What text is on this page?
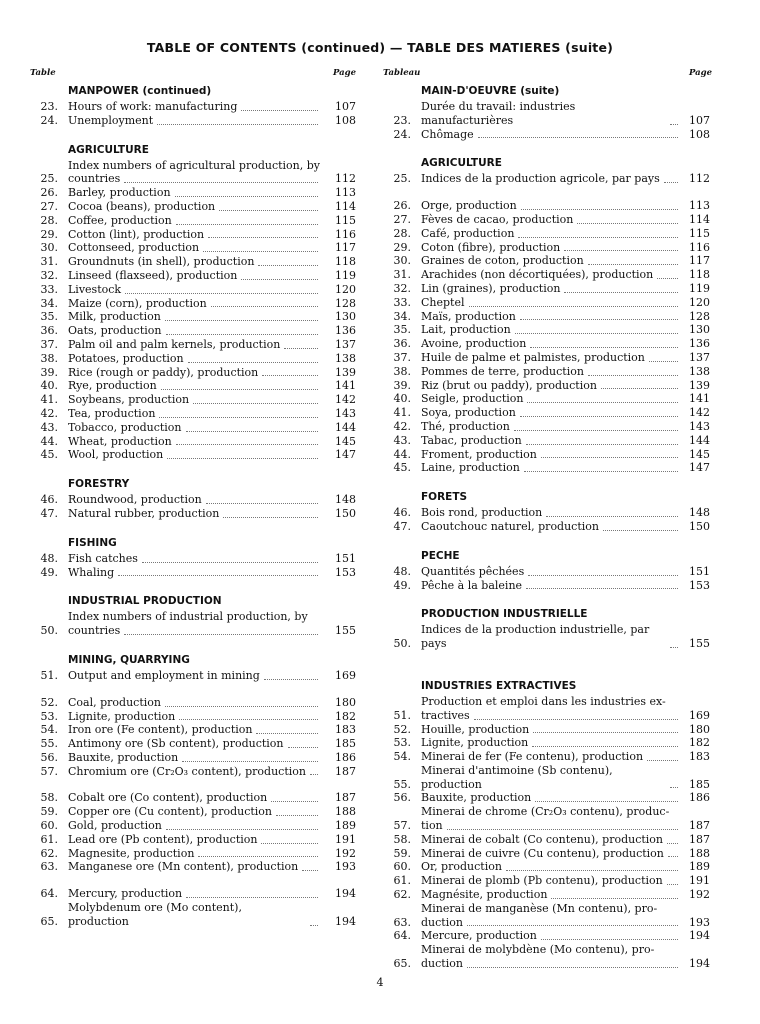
TABLE OF CONTENTS (continued) — TABLE DES MATIERES (suite)
Table	Page
MANPOWER (continued)
23. Hours of work: manufacturing	107
24. Unemployment	108
AGRICULTURE
25.
Index numbers of agricultural production, by
countries	112
26. Barley, production	113
27. Cocoa (beans), production	114
28. Coffee, production	115
29. Cotton (lint), production	116
30. Cottonseed, production	117
31. Groundnuts (in shell), production	118
32. Linseed (flaxseed), production	119
33. Livestock	120
34. Maize (corn), production	128
35. Milk, production	130
36. Oats, production	136
37. Palm oil and palm kernels, production	137
38. Potatoes, production	138
39. Rice (rough or paddy), production	139
40. Rye, production	141
41. Soybeans, production	142
42. Tea, production	143
43. Tobacco, production	144
44. Wheat, production	145
45. Wool, production	147
FORESTRY
46. Roundwood, production	148
47. Natural rubber, production	150
FISHING
48. Fish catches	151
49. Whaling	153
INDUSTRIAL PRODUCTION
50.
Index numbers of industrial production, by
countries	155
MINING, QUARRYING
51. Output and employment in mining	169
52. Coal, production	180
53. Lignite, production	182
54. Iron ore (Fe content), production	183
55. Antimony ore (Sb content), production	185
56. Bauxite, production	186
57. Chromium ore (Cr₂O₃ content), production	187
58. Cobalt ore (Co content), production	187
59. Copper ore (Cu content), production	188
60. Gold, production	189
61. Lead ore (Pb content), production	191
62. Magnesite, production	192
63. Manganese ore (Mn content), production	193
64. Mercury, production	194
65.
Molybdenum ore (Mo content), production	194
Tableau	Page
MAIN-D'OEUVRE (suite)
23.
Durée du travail: industries manufacturières	107
24. Chômage	108
AGRICULTURE
25. Indices de la production agricole, par pays	112
26. Orge, production	113
27. Fèves de cacao, production	114
28. Café, production	115
29. Coton (fibre), production	116
30. Graines de coton, production	117
31. Arachides (non décortiquées), production	118
32. Lin (graines), production	119
33. Cheptel	120
34. Maïs, production	128
35. Lait, production	130
36. Avoine, production	136
37. Huile de palme et palmistes, production	137
38. Pommes de terre, production	138
39. Riz (brut ou paddy), production	139
40. Seigle, production	141
41. Soya, production	142
42. Thé, production	143
43. Tabac, production	144
44. Froment, production	145
45. Laine, production	147
FORETS
46. Bois rond, production	148
47. Caoutchouc naturel, production	150
PECHE
48. Quantités pêchées	151
49. Pêche à la baleine	153
PRODUCTION INDUSTRIELLE
50.
Indices de la production industrielle, par pays	155
INDUSTRIES EXTRACTIVES
51.
Production et emploi dans les industries ex-
tractives	169
52. Houille, production	180
53. Lignite, production	182
54. Minerai de fer (Fe contenu), production	183
55.
Minerai d'antimoine (Sb contenu), production	185
56. Bauxite, production	186
57.
Minerai de chrome (Cr₂O₃ contenu), produc-
tion	187
58. Minerai de cobalt (Co contenu), production	187
59. Minerai de cuivre (Cu contenu), production	188
60. Or, production	189
61. Minerai de plomb (Pb contenu), production	191
62. Magnésite, production	192
63.
Minerai de manganèse (Mn contenu), pro-
duction	193
64. Mercure, production	194
65.
Minerai de molybdène (Mo contenu), pro-
duction	194
4
